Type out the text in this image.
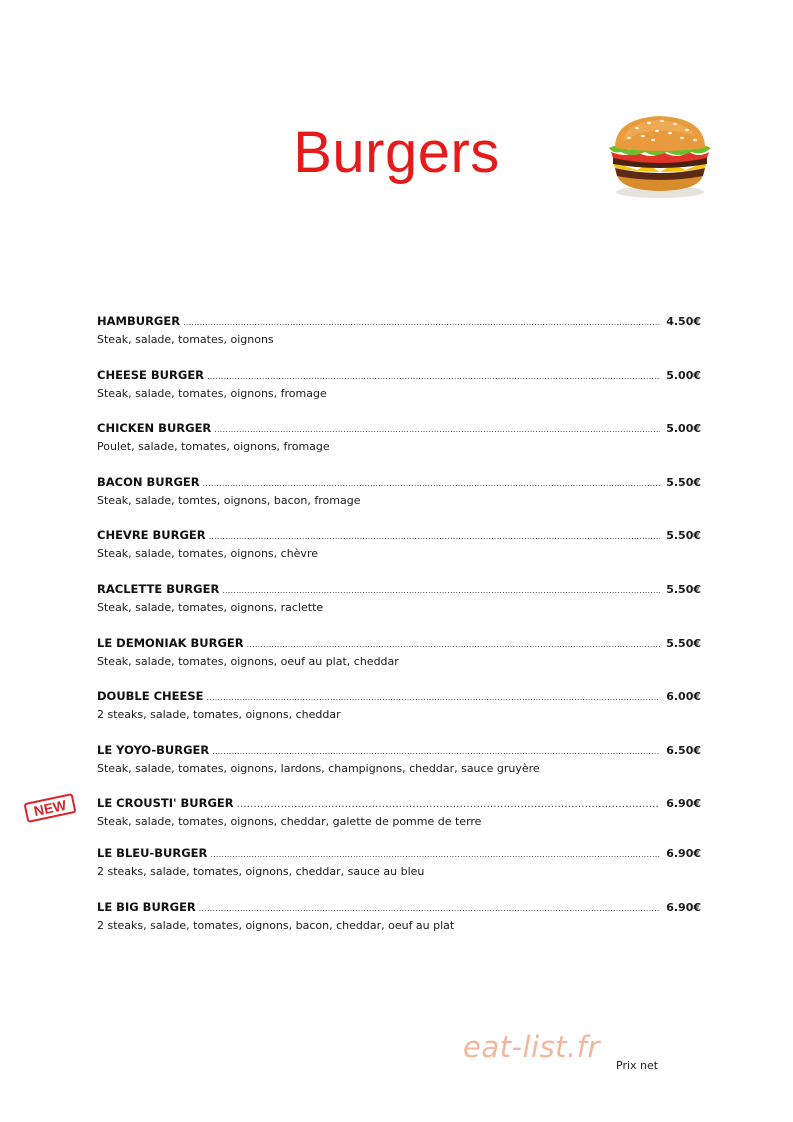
Burgers
NEW
HAMBURGER .....	4.50€
Steak, salade, tomates, oignons
CHEESE BURGER .....	5.00€
Steak, salade, tomates, oignons, fromage
CHICKEN BURGER .....	5.00€
Poulet, salade, tomates, oignons, fromage
BACON BURGER .....	5.50€
Steak, salade, tomtes, oignons, bacon, fromage
CHEVRE BURGER .....	5.50€
Steak, salade, tomates, oignons, chèvre
RACLETTE BURGER .....	5.50€
Steak, salade, tomates, oignons, raclette
LE DEMONIAK BURGER .....	5.50€
Steak, salade, tomates, oignons, oeuf au plat, cheddar
DOUBLE CHEESE .....	6.00€
2 steaks, salade, tomates, oignons, cheddar
LE YOYO-BURGER .....	6.50€
Steak, salade, tomates, oignons, lardons, champignons, cheddar, sauce gruyère
LE CROUSTI' BURGER .....	6.90€
Steak, salade, tomates, oignons, cheddar, galette de pomme de terre
LE BLEU-BURGER .....	6.90€
2 steaks, salade, tomates, oignons, cheddar, sauce au bleu
LE BIG BURGER .....	6.90€
2 steaks, salade, tomates, oignons, bacon, cheddar, oeuf au plat
eat-list.fr
Prix net
